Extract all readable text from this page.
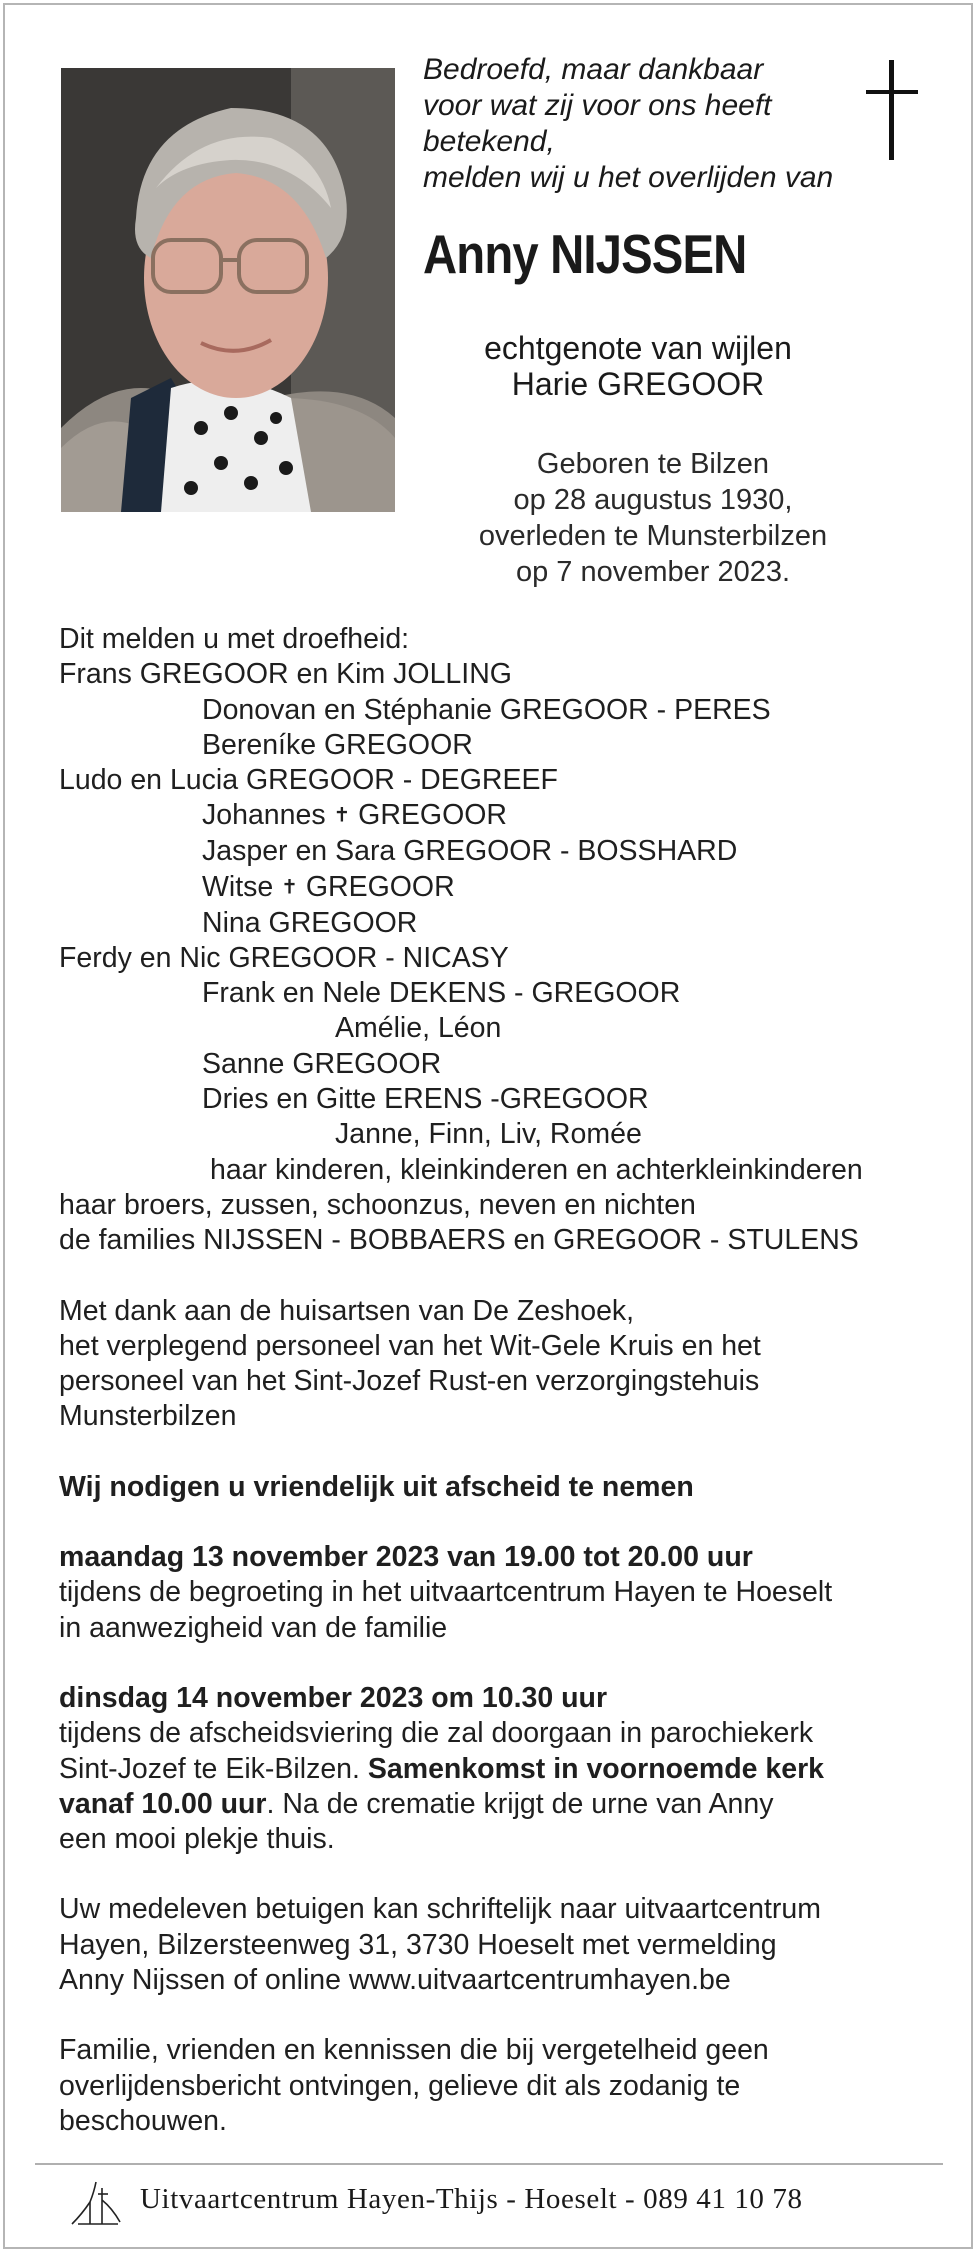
Bedroefd, maar dankbaar
voor wat zij voor ons heeft
betekend,
melden wij u het overlijden van
Anny NIJSSEN
echtgenote van wijlen
Harie GREGOOR
Geboren te Bilzen
op 28 augustus 1930,
overleden te Munsterbilzen
op 7 november 2023.

Dit melden u met droefheid:

Frans GREGOOR en Kim JOLLING

Donovan en Stéphanie GREGOOR - PERES

Bereníke GREGOOR

Ludo en Lucia GREGOOR - DEGREEF

Johannes ✝ GREGOOR

Jasper en Sara GREGOOR - BOSSHARD

Witse ✝ GREGOOR

Nina GREGOOR

Ferdy en Nic GREGOOR - NICASY

Frank en Nele DEKENS - GREGOOR

Amélie, Léon

Sanne GREGOOR

Dries en Gitte ERENS -GREGOOR

Janne, Finn, Liv, Romée

haar kinderen, kleinkinderen en achterkleinkinderen

haar broers, zussen, schoonzus, neven en nichten

de families NIJSSEN - BOBBAERS en GREGOOR - STULENS

Met dank aan de huisartsen van De Zeshoek,

het verplegend personeel van het Wit-Gele Kruis en het

personeel van het Sint-Jozef Rust-en verzorgingstehuis

Munsterbilzen

Wij nodigen u vriendelijk uit afscheid te nemen

maandag 13 november 2023 van 19.00 tot 20.00 uur

tijdens de begroeting in het uitvaartcentrum Hayen te Hoeselt

in aanwezigheid van de familie

dinsdag 14 november 2023 om 10.30 uur

tijdens de afscheidsviering die zal doorgaan in parochiekerk

Sint-Jozef te Eik-Bilzen. Samenkomst in voornoemde kerk

vanaf 10.00 uur. Na de crematie krijgt de urne van Anny

een mooi plekje thuis.

Uw medeleven betuigen kan schriftelijk naar uitvaartcentrum

Hayen, Bilzersteenweg 31, 3730 Hoeselt met vermelding

Anny Nijssen of online www.uitvaartcentrumhayen.be

Familie, vrienden en kennissen die bij vergetelheid geen

overlijdensbericht ontvingen, gelieve dit als zodanig te

beschouwen.

Uitvaartcentrum Hayen-Thijs - Hoeselt - 089 41 10 78
